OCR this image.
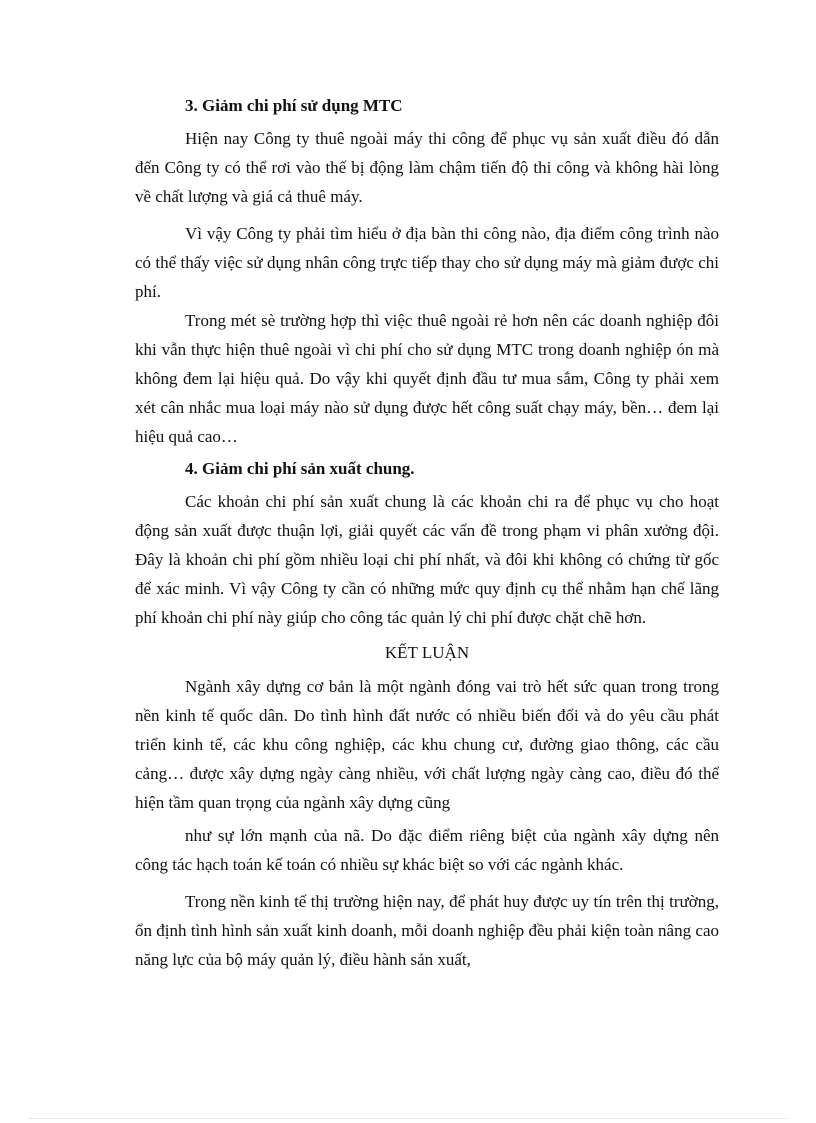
3. Giảm chi phí sử dụng MTC

Hiện nay Công ty thuê ngoài máy thi công để phục vụ sản xuất điều đó dẫn đến Công ty có thể rơi vào thế bị động làm chậm tiến độ thi công và không hài lòng về chất lượng và giá cả thuê máy.

Vì vậy Công ty phải tìm hiểu ở địa bàn thi công nào, địa điểm công trình nào có thể thấy việc sử dụng nhân công trực tiếp thay cho sử dụng máy mà giảm được chi phí.

Trong mét sè trường hợp thì việc thuê ngoài rẻ hơn nên các doanh nghiệp đôi khi vẫn thực hiện thuê ngoài vì chi phí cho sử dụng MTC trong doanh nghiệp ón mà không đem lại hiệu quả. Do vậy khi quyết định đầu tư mua sắm, Công ty phải xem xét cân nhắc mua loại máy nào sử dụng được hết công suất chạy máy, bền… đem lại hiệu quả cao…

4. Giảm chi phí sản xuất chung.

Các khoản chi phí sản xuất chung là các khoản chi ra để phục vụ cho hoạt động sản xuất được thuận lợi, giải quyết các vấn đề trong phạm vi phân xưởng đội. Đây là khoản chi phí gồm nhiều loại chi phí nhất, và đôi khi không có chứng từ gốc để xác minh. Vì vậy Công ty cần có những mức quy định cụ thể nhằm hạn chế lãng phí khoản chi phí này giúp cho công tác quản lý chi phí được chặt chẽ hơn.

KẾT LUẬN

Ngành xây dựng cơ bản là một ngành đóng vai trò hết sức quan trong trong nền kinh tế quốc dân. Do tình hình đất nước có nhiều biến đổi và do yêu cầu phát triển kinh tế, các khu công nghiệp, các khu chung cư, đường giao thông, các cầu cảng… được xây dựng ngày càng nhiều, với chất lượng ngày càng cao, điều đó thể hiện tầm quan trọng của ngành xây dựng cũng

như sự lớn mạnh của nã. Do đặc điểm riêng biệt của ngành xây dựng nên công tác hạch toán kế toán có nhiều sự khác biệt so với các ngành khác.

Trong nền kinh tế thị trường hiện nay, để phát huy được uy tín trên thị trường, ổn định tình hình sản xuất kinh doanh, mỗi doanh nghiệp đều phải kiện toàn nâng cao năng lực của bộ máy quản lý, điều hành sản xuất,
